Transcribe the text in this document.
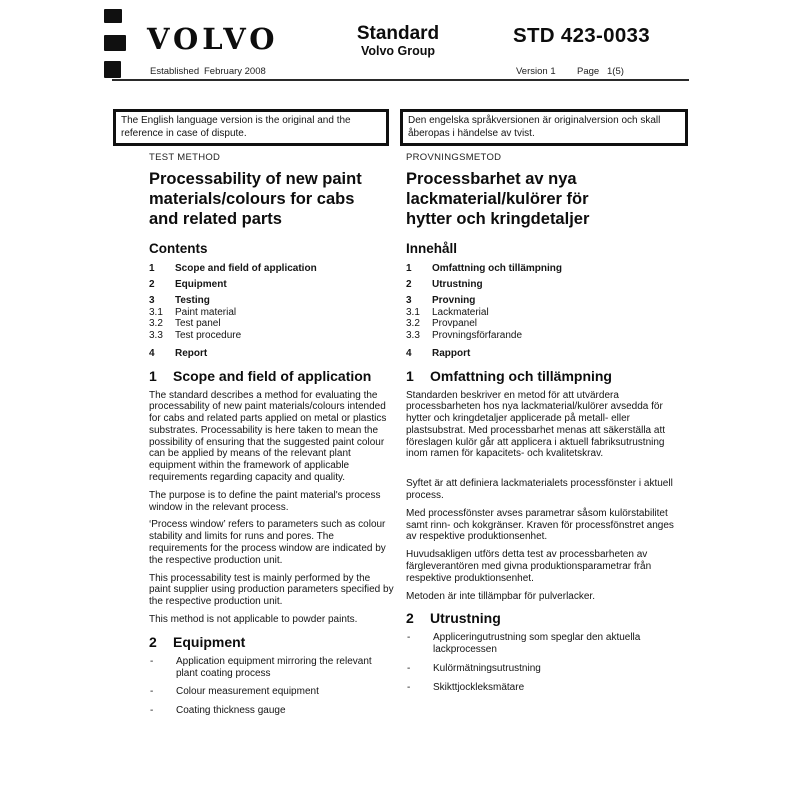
VOLVO	Standard
Volvo Group
STD 423-0033
Established February 2008	Version 1 Page 1(5)
The English language version is the original and the reference in case of dispute.
Den engelska språkversionen är originalversion och skall åberopas i händelse av tvist.
TEST METHOD
Processability of new paint
materials/colours for cabs
and related parts
Contents
1	Scope and field of application
2	Equipment
3	Testing
3.1	Paint material
3.2	Test panel
3.3	Test procedure
4	Report
1	Scope and field of application

The standard describes a method for evaluating the processability of new paint materials/colours intended for cabs and related parts applied on metal or plastics substrates. Processability is here taken to mean the possibility of ensuring that the suggested paint colour can be applied by means of the relevant plant equipment within the framework of applicable requirements regarding capacity and quality.

The purpose is to define the paint material's process window in the relevant process.

‘Process window’ refers to parameters such as colour stability and limits for runs and pores. The requirements for the process window are indicated by the respective production unit.

This processability test is mainly performed by the paint supplier using production parameters specified by the respective production unit.

This method is not applicable to powder paints.

2	Equipment
-	Application equipment mirroring the relevant plant coating process
-	Colour measurement equipment
-	Coating thickness gauge
PROVNINGSMETOD
Processbarhet av nya
lackmaterial/kulörer för
hytter och kringdetaljer
Innehåll
1	Omfattning och tillämpning
2	Utrustning
3	Provning
3.1	Lackmaterial
3.2	Provpanel
3.3	Provningsförfarande
4	Rapport
1	Omfattning och tillämpning

Standarden beskriver en metod för att utvärdera processbarheten hos nya lackmaterial/kulörer avsedda för hytter och kringdetaljer applicerade på metall- eller plastsubstrat. Med processbarhet menas att säkerställa att föreslagen kulör går att applicera i aktuell fabriksutrustning inom ramen för kapacitets- och kvalitetskrav.

Syftet är att definiera lackmaterialets processfönster i aktuell process.

Med processfönster avses parametrar såsom kulörstabilitet samt rinn- och kokgränser. Kraven för processfönstret anges av respektive produktionsenhet.

Huvudsakligen utförs detta test av processbarheten av färgleverantören med givna produktionsparametrar från respektive produktionsenhet.

Metoden är inte tillämpbar för pulverlacker.

2	Utrustning
-	Appliceringutrustning som speglar den aktuella lackprocessen
-	Kulörmätningsutrustning
-	Skikttjockleksmätare
